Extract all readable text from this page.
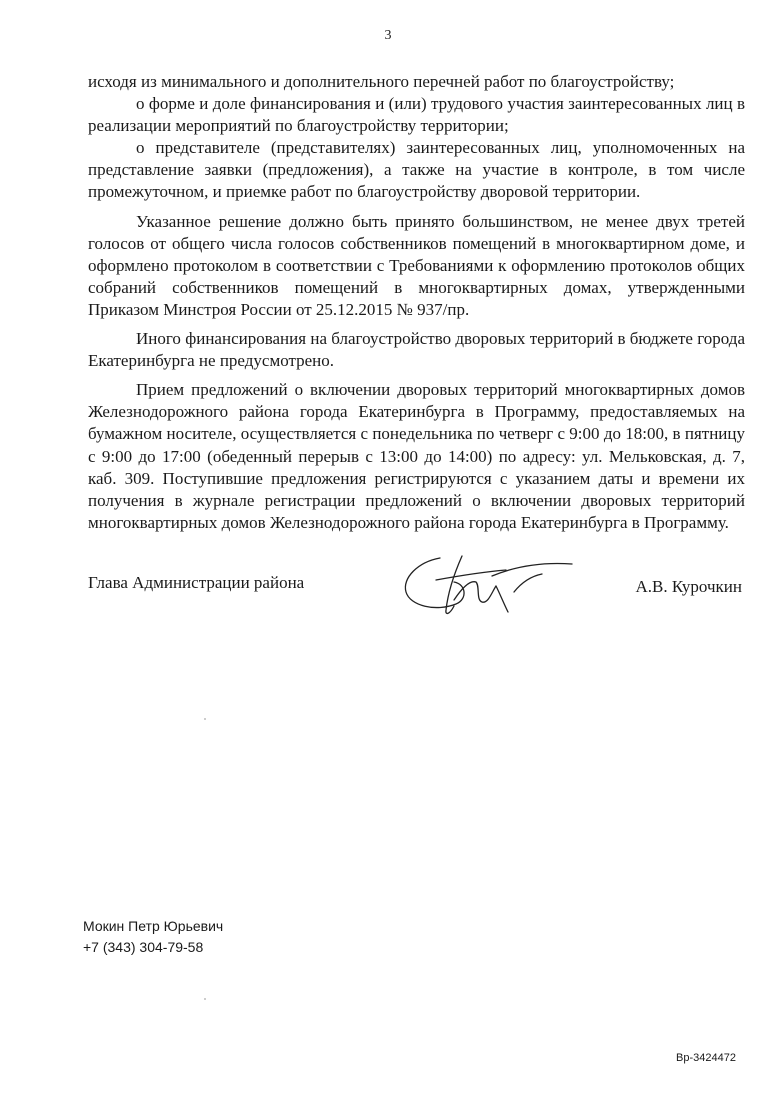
3

исходя из минимального и дополнительного перечней работ по благоустройству;

о форме и доле финансирования и (или) трудового участия заинтересованных лиц в реализации мероприятий по благоустройству территории;

о представителе (представителях) заинтересованных лиц, уполномоченных на представление заявки (предложения), а также на участие в контроле, в том числе промежуточном, и приемке работ по благоустройству дворовой территории.

Указанное решение должно быть принято большинством, не менее двух третей голосов от общего числа голосов собственников помещений в многоквартирном доме, и оформлено протоколом в соответствии с Требованиями к оформлению протоколов общих собраний собственников помещений в многоквартирных домах, утвержденными Приказом Минстроя России от 25.12.2015 № 937/пр.

Иного финансирования на благоустройство дворовых территорий в бюджете города Екатеринбурга не предусмотрено.

Прием предложений о включении дворовых территорий многоквартирных домов Железнодорожного района города Екатеринбурга в Программу, предоставляемых на бумажном носителе, осуществляется с понедельника по четверг с 9:00 до 18:00, в пятницу с 9:00 до 17:00 (обеденный перерыв с 13:00 до 14:00) по адресу: ул. Мельковская, д. 7, каб. 309. Поступившие предложения регистрируются с указанием даты и времени их получения в журнале регистрации предложений о включении дворовых территорий многоквартирных домов Железнодорожного района города Екатеринбурга в Программу.

Глава Администрации района	А.В. Курочкин
Мокин Петр Юрьевич
+7 (343) 304-79-58
Вр-3424472
